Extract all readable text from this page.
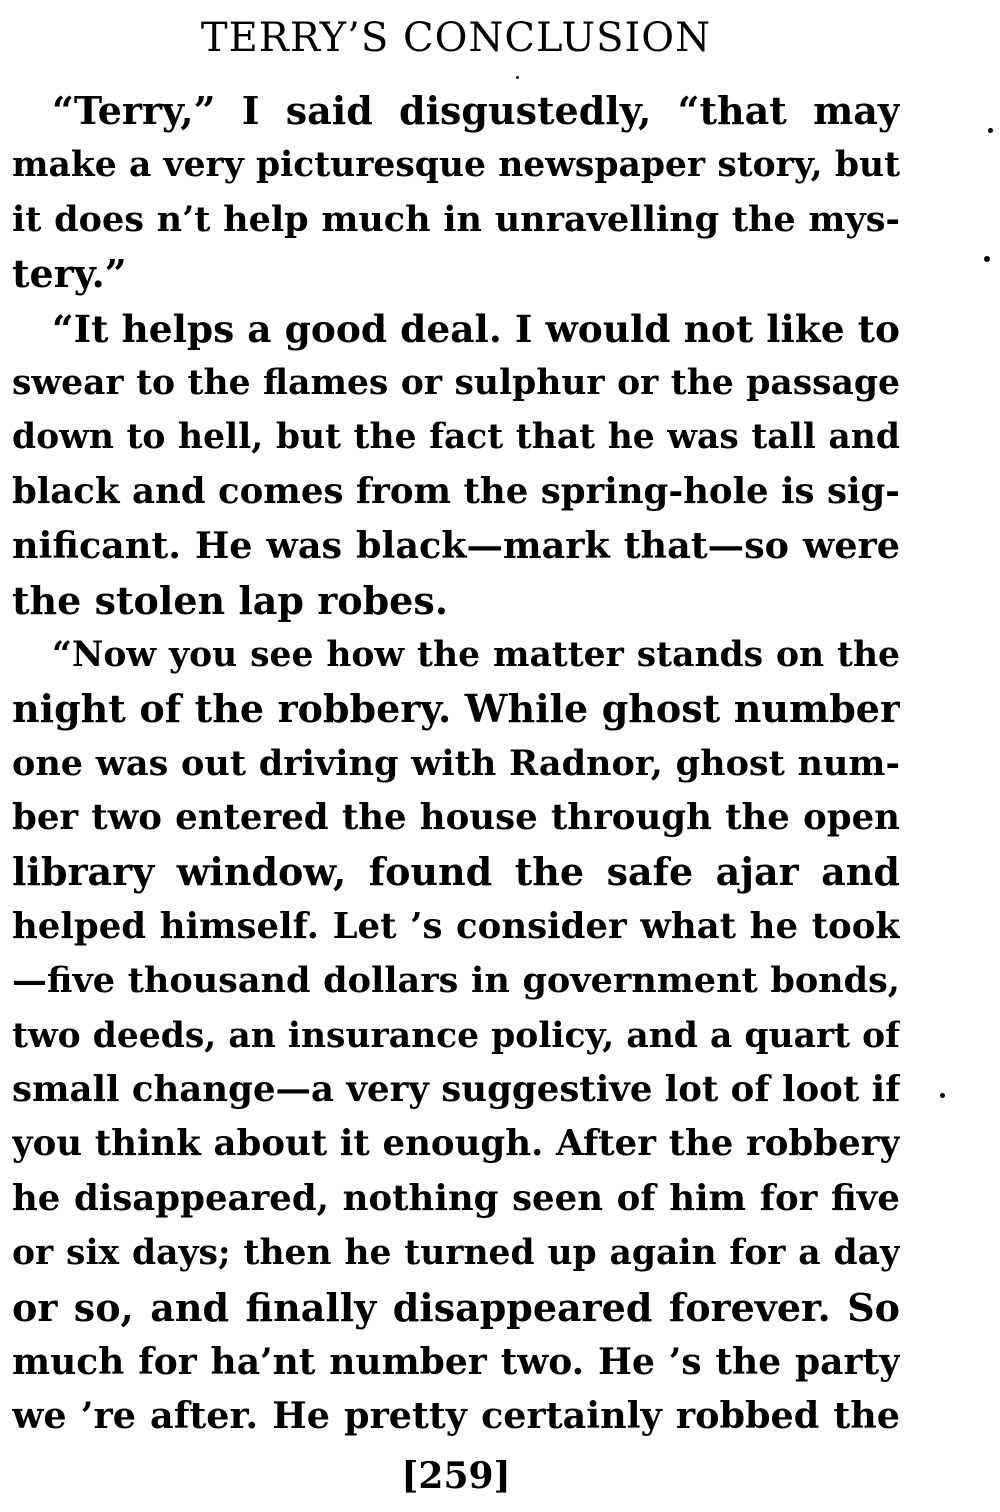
TERRY’S CONCLUSION
“Terry,” I said disgustedly, “that may
make a very picturesque newspaper story, but
it does n’t help much in unravelling the mys-
tery.”
“It helps a good deal. I would not like to
swear to the flames or sulphur or the passage
down to hell, but the fact that he was tall and
black and comes from the spring-hole is sig-
nificant. He was black—mark that—so were
the stolen lap robes.
“Now you see how the matter stands on the
night of the robbery. While ghost number
one was out driving with Radnor, ghost num-
ber two entered the house through the open
library window, found the safe ajar and
helped himself. Let ’s consider what he took
—five thousand dollars in government bonds,
two deeds, an insurance policy, and a quart of
small change—a very suggestive lot of loot if
you think about it enough. After the robbery
he disappeared, nothing seen of him for five
or six days; then he turned up again for a day
or so, and finally disappeared forever. So
much for ha’nt number two. He ’s the party
we ’re after. He pretty certainly robbed the
[259]
